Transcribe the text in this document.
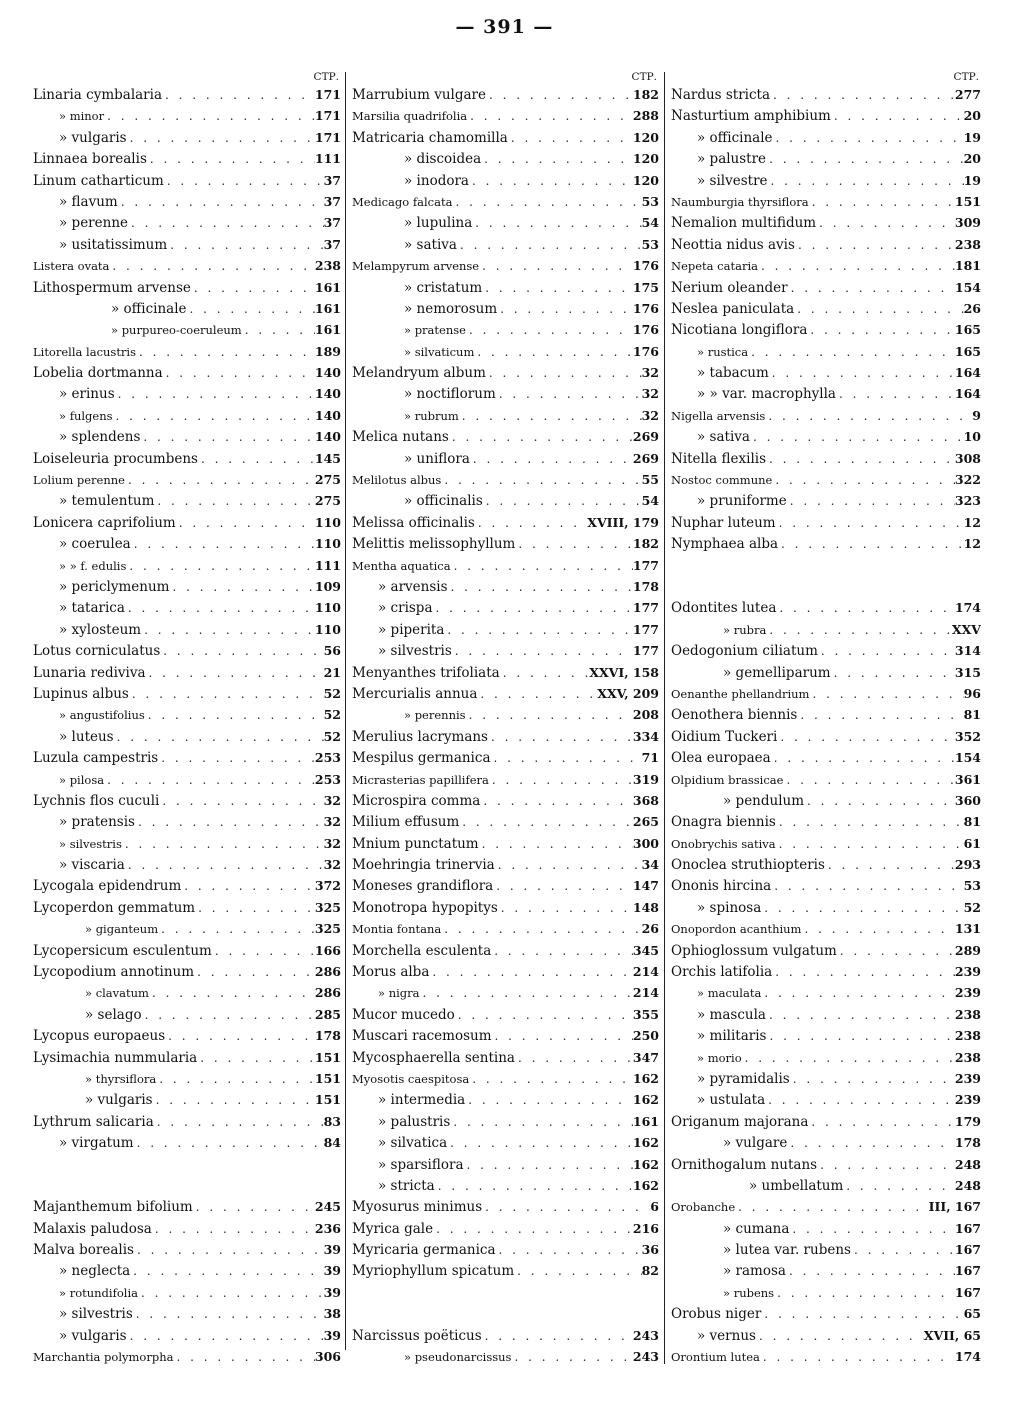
— 391 —
СТР.
Linaria cymbalaria . . .	171
» minor . . .	171
» vulgaris . . .	171
Linnaea borealis . . .	111
Linum catharticum . . .	37
» flavum . . .	37
» perenne . . .	37
» usitatissimum . . .	37
Listera ovata . . .	238
Lithospermum arvense . . .	161
» officinale . . .	161
» purpureo-coeruleum . . .	161
Litorella lacustris . . .	189
Lobelia dortmanna . . .	140
» erinus . . .	140
» fulgens . . .	140
» splendens . . .	140
Loiseleuria procumbens . . .	145
Lolium perenne . . .	275
» temulentum . . .	275
Lonicera caprifolium . . .	110
» coerulea . . .	110
» » f. edulis . . .	111
» periclymenum . . .	109
» tatarica . . .	110
» xylosteum . . .	110
Lotus corniculatus . . .	56
Lunaria rediviva . . .	21
Lupinus albus . . .	52
» angustifolius . . .	52
» luteus . . .	52
Luzula campestris . . .	253
» pilosa . . .	253
Lychnis flos cuculi . . .	32
» pratensis . . .	32
» silvestris . . .	32
» viscaria . . .	32
Lycogala epidendrum . . .	372
Lycoperdon gemmatum . . .	325
» giganteum . . .	325
Lycopersicum esculentum . . .	166
Lycopodium annotinum . . .	286
» clavatum . . .	286
» selago . . .	285
Lycopus europaeus . . .	178
Lysimachia nummularia . . .	151
» thyrsiflora . . .	151
» vulgaris . . .	151
Lythrum salicaria . . .	83
» virgatum . . .	84
Majanthemum bifolium . . .	245
Malaxis paludosa . . .	236
Malva borealis . . .	39
» neglecta . . .	39
» rotundifolia . . .	39
» silvestris . . .	38
» vulgaris . . .	39
Marchantia polymorpha . . .	306
СТР.
Marrubium vulgare . . .	182
Marsilia quadrifolia . . .	288
Matricaria chamomilla . . .	120
» discoidea . . .	120
» inodora . . .	120
Medicago falcata . . .	53
» lupulina . . .	54
» sativa . . .	53
Melampyrum arvense . . .	176
» cristatum . . .	175
» nemorosum . . .	176
» pratense . . .	176
» silvaticum . . .	176
Melandryum album . . .	32
» noctiflorum . . .	32
» rubrum . . .	32
Melica nutans . . .	269
» uniflora . . .	269
Melilotus albus . . .	55
» officinalis . . .	54
Melissa officinalis . . .	XVIII, 179
Melittis melissophyllum . . .	182
Mentha aquatica . . .	177
» arvensis . . .	178
» crispa . . .	177
» piperita . . .	177
» silvestris . . .	177
Menyanthes trifoliata . . .	XXVI, 158
Mercurialis annua . . .	XXV, 209
» perennis . . .	208
Merulius lacrymans . . .	334
Mespilus germanica . . .	71
Micrasterias papillifera . . .	319
Microspira comma . . .	368
Milium effusum . . .	265
Mnium punctatum . . .	300
Moehringia trinervia . . .	34
Moneses grandiflora . . .	147
Monotropa hypopitys . . .	148
Montia fontana . . .	26
Morchella esculenta . . .	345
Morus alba . . .	214
» nigra . . .	214
Mucor mucedo . . .	355
Muscari racemosum . . .	250
Mycosphaerella sentina . . .	347
Myosotis caespitosa . . .	162
» intermedia . . .	162
» palustris . . .	161
» silvatica . . .	162
» sparsiflora . . .	162
» stricta . . .	162
Myosurus minimus . . .	6
Myrica gale . . .	216
Myricaria germanica . . .	36
Myriophyllum spicatum . . .	82
Narcissus poëticus . . .	243
» pseudonarcissus . . .	243
СТР.
Nardus stricta . . .	277
Nasturtium amphibium . . .	20
» officinale . . .	19
» palustre . . .	20
» silvestre . . .	19
Naumburgia thyrsiflora . . .	151
Nemalion multifidum . . .	309
Neottia nidus avis . . .	238
Nepeta cataria . . .	181
Nerium oleander . . .	154
Neslea paniculata . . .	26
Nicotiana longiflora . . .	165
» rustica . . .	165
» tabacum . . .	164
» » var. macrophylla . . .	164
Nigella arvensis . . .	9
» sativa . . .	10
Nitella flexilis . . .	308
Nostoc commune . . .	322
» pruniforme . . .	323
Nuphar luteum . . .	12
Nymphaea alba . . .	12
Odontites lutea . . .	174
» rubra . . .	XXV
Oedogonium ciliatum . . .	314
» gemelliparum . . .	315
Oenanthe phellandrium . . .	96
Oenothera biennis . . .	81
Oidium Tuckeri . . .	352
Olea europaea . . .	154
Olpidium brassicae . . .	361
» pendulum . . .	360
Onagra biennis . . .	81
Onobrychis sativa . . .	61
Onoclea struthiopteris . . .	293
Ononis hircina . . .	53
» spinosa . . .	52
Onopordon acanthium . . .	131
Ophioglossum vulgatum . . .	289
Orchis latifolia . . .	239
» maculata . . .	239
» mascula . . .	238
» militaris . . .	238
» morio . . .	238
» pyramidalis . . .	239
» ustulata . . .	239
Origanum majorana . . .	179
» vulgare . . .	178
Ornithogalum nutans . . .	248
» umbellatum . . .	248
Orobanche . . .	III, 167
» cumana . . .	167
» lutea var. rubens . . .	167
» ramosa . . .	167
» rubens . . .	167
Orobus niger . . .	65
» vernus . . .	XVII, 65
Orontium lutea . . .	174
